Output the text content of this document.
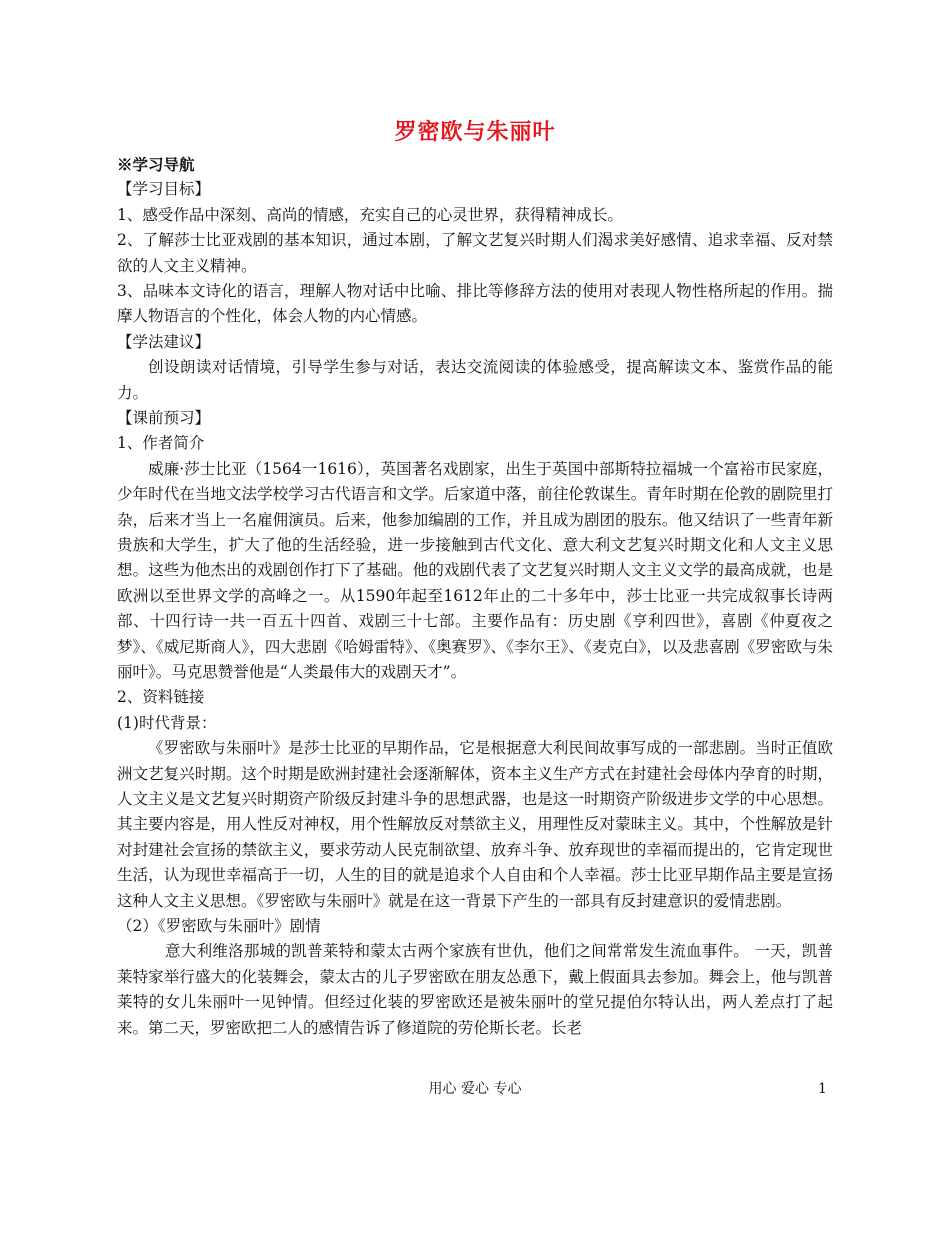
罗密欧与朱丽叶
※学习导航
【学习目标】

1、感受作品中深刻、高尚的情感，充实自己的心灵世界，获得精神成长。

2、了解莎士比亚戏剧的基本知识，通过本剧，了解文艺复兴时期人们渴求美好感情、追求幸福、反对禁欲的人文主义精神。

3、品味本文诗化的语言，理解人物对话中比喻、排比等修辞方法的使用对表现人物性格所起的作用。揣摩人物语言的个性化，体会人物的内心情感。

【学法建议】

创设朗读对话情境，引导学生参与对话，表达交流阅读的体验感受，提高解读文本、鉴赏作品的能力。

【课前预习】
1、作者简介

威廉·莎士比亚（1564一1616），英国著名戏剧家，出生于英国中部斯特拉福城一个富裕市民家庭，少年时代在当地文法学校学习古代语言和文学。后家道中落，前往伦敦谋生。青年时期在伦敦的剧院里打杂，后来才当上一名雇佣演员。后来，他参加编剧的工作，并且成为剧团的股东。他又结识了一些青年新贵族和大学生，扩大了他的生活经验，进一步接触到古代文化、意大利文艺复兴时期文化和人文主义思想。这些为他杰出的戏剧创作打下了基础。他的戏剧代表了文艺复兴时期人文主义文学的最高成就，也是欧洲以至世界文学的高峰之一。从1590年起至1612年止的二十多年中，莎士比亚一共完成叙事长诗两部、十四行诗一共一百五十四首、戏剧三十七部。主要作品有：历史剧《亨利四世》，喜剧《仲夏夜之梦》、《威尼斯商人》，四大悲剧《哈姆雷特》、《奥赛罗》、《李尔王》、《麦克白》，以及悲喜剧《罗密欧与朱丽叶》。马克思赞誉他是“人类最伟大的戏剧天才”。

2、资料链接
(1)时代背景：

《罗密欧与朱丽叶》是莎士比亚的早期作品，它是根据意大利民间故事写成的一部悲剧。当时正值欧洲文艺复兴时期。这个时期是欧洲封建社会逐渐解体，资本主义生产方式在封建社会母体内孕育的时期，人文主义是文艺复兴时期资产阶级反封建斗争的思想武器，也是这一时期资产阶级进步文学的中心思想。其主要内容是，用人性反对神权，用个性解放反对禁欲主义，用理性反对蒙昧主义。其中，个性解放是针对封建社会宣扬的禁欲主义，要求劳动人民克制欲望、放弃斗争、放弃现世的幸福而提出的，它肯定现世生活，认为现世幸福高于一切，人生的目的就是追求个人自由和个人幸福。莎士比亚早期作品主要是宣扬这种人文主义思想。《罗密欧与朱丽叶》就是在这一背景下产生的一部具有反封建意识的爱情悲剧。

（2）《罗密欧与朱丽叶》剧情

意大利维洛那城的凯普莱特和蒙太古两个家族有世仇，他们之间常常发生流血事件。 一天，凯普莱特家举行盛大的化装舞会，蒙太古的儿子罗密欧在朋友怂恿下，戴上假面具去参加。舞会上，他与凯普莱特的女儿朱丽叶一见钟情。但经过化装的罗密欧还是被朱丽叶的堂兄提伯尔特认出，两人差点打了起来。第二天，罗密欧把二人的感情告诉了修道院的劳伦斯长老。长老

用心 爱心 专心	1
